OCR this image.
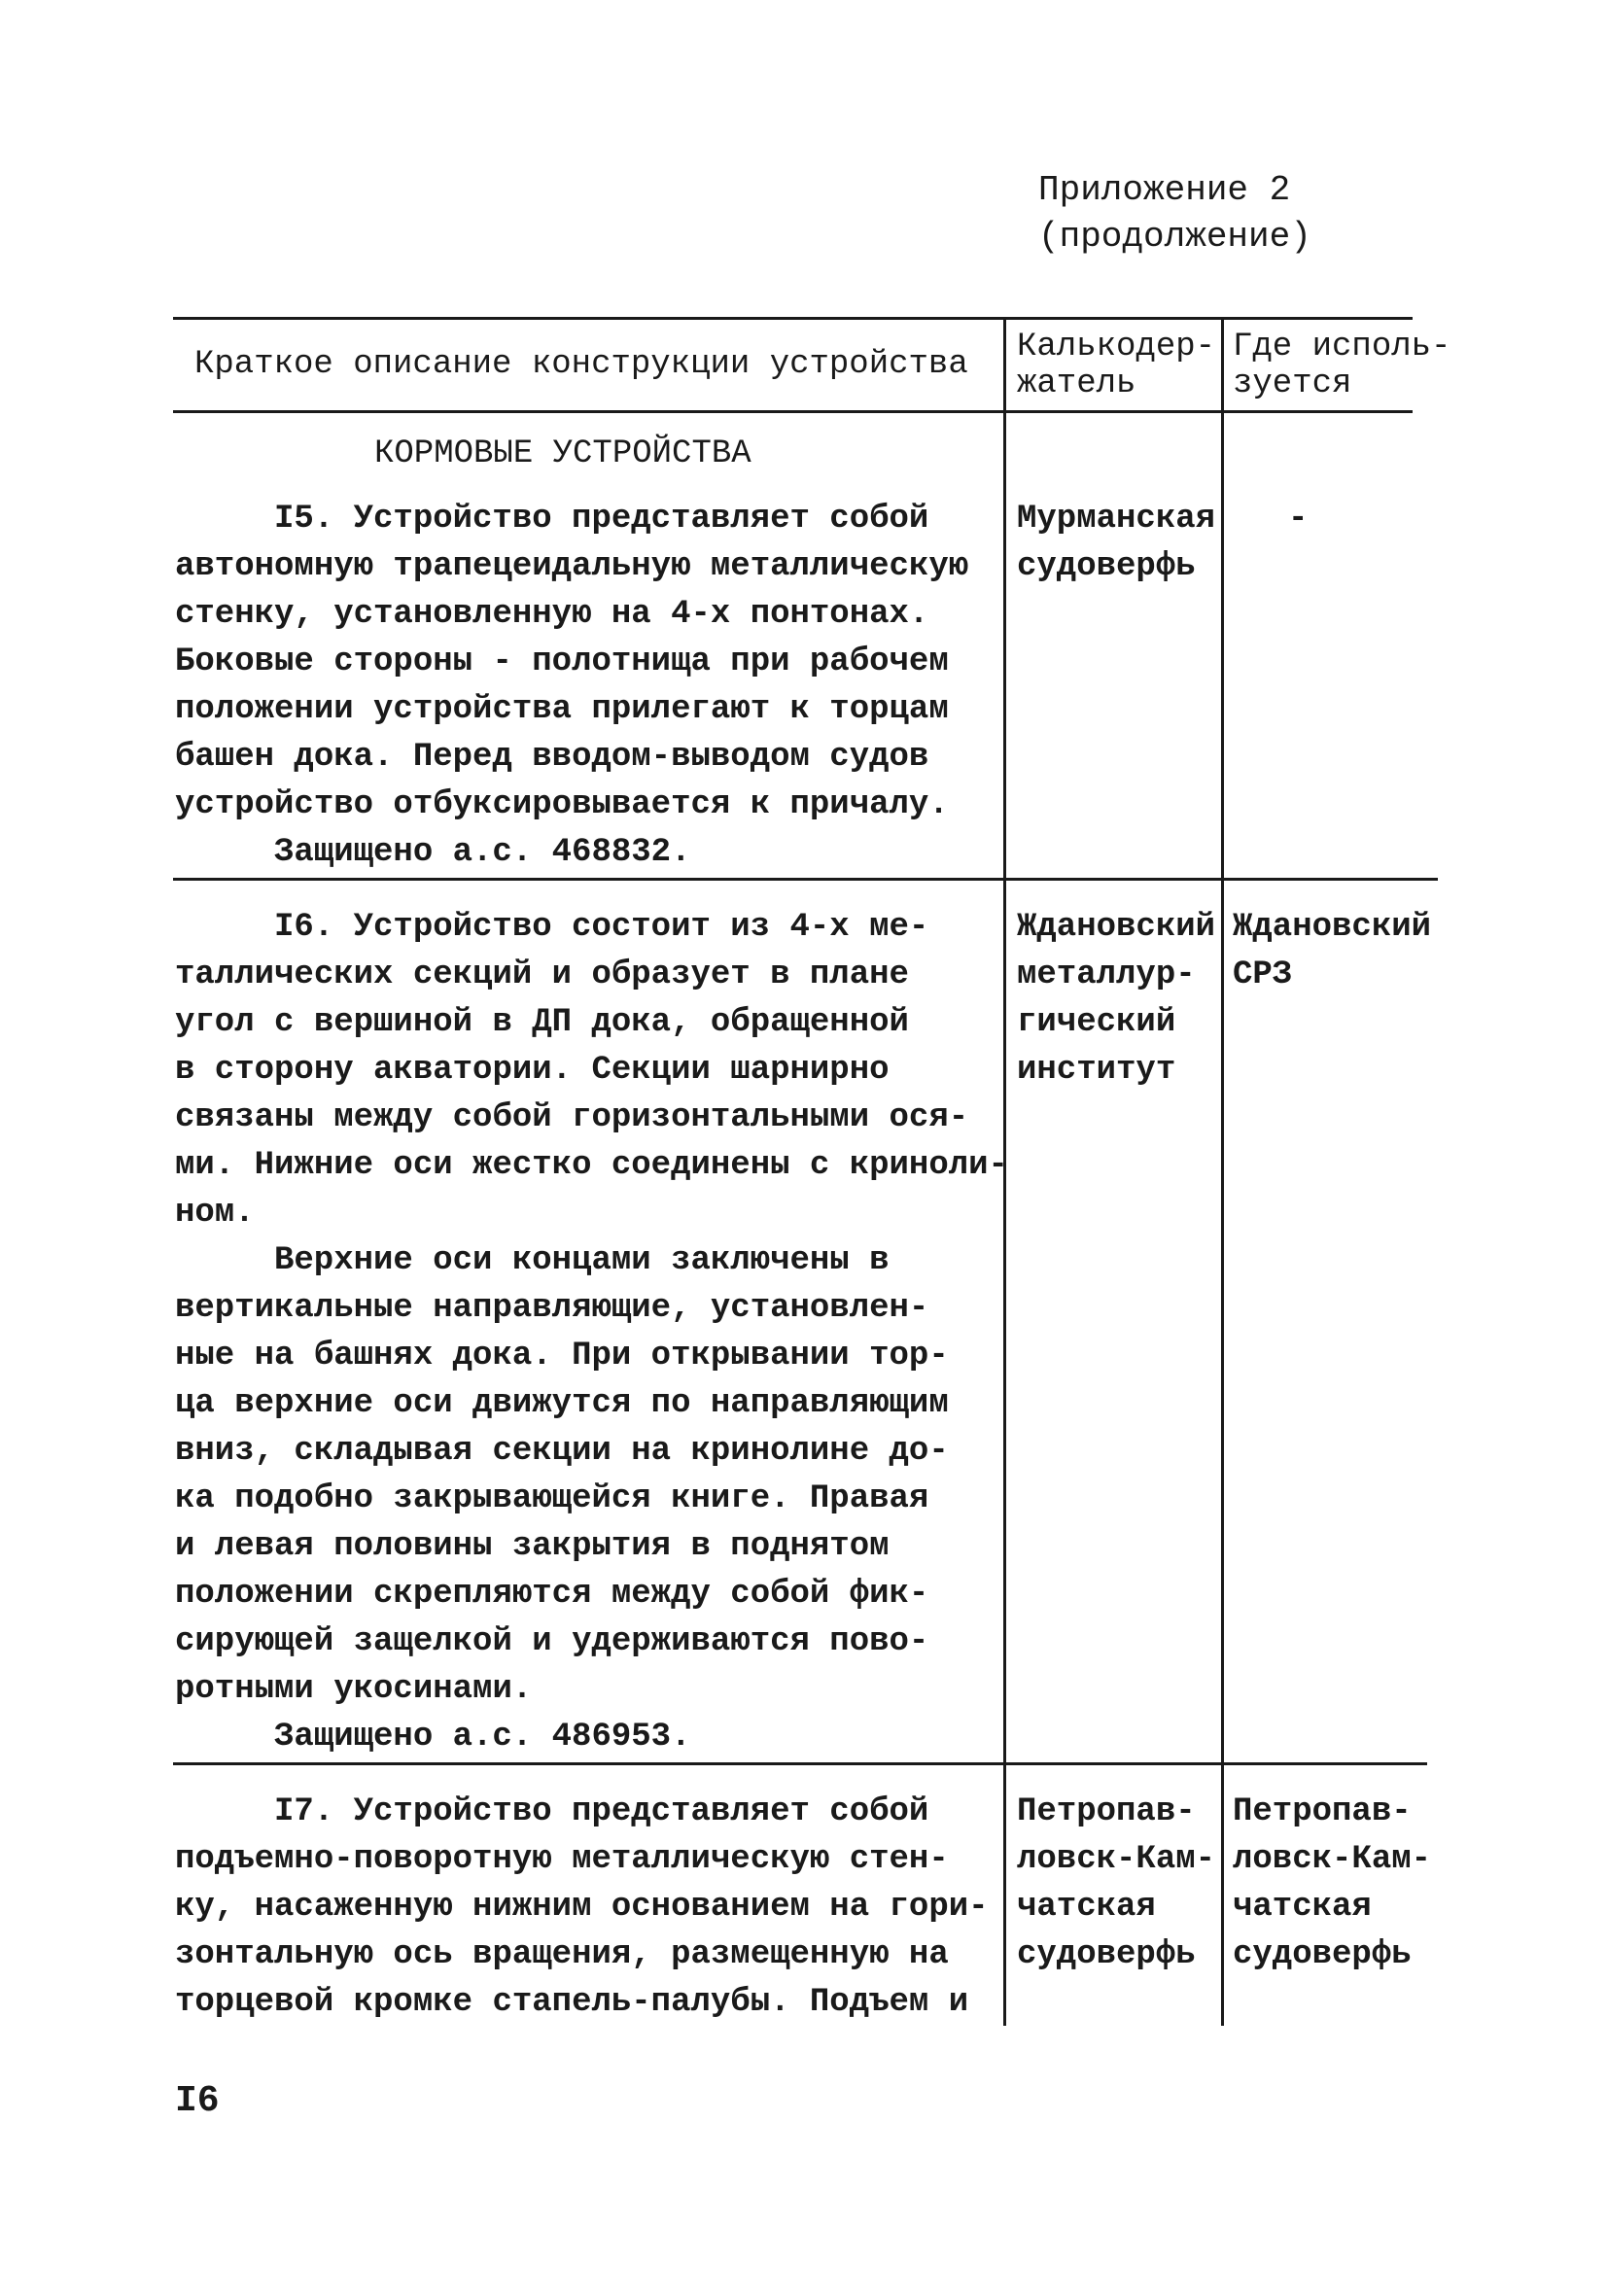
Приложение 2
(продолжение)
Краткое описание конструкции устройства Калькодер-
жатель
Где исполь-
зуется
КОРМОВЫЕ УСТРОЙСТВА
I5. Устройство представляет собой
автономную трапецеидальную металлическую
стенку, установленную на 4-х понтонах.
Боковые стороны - полотнища при рабочем
положении устройства прилегают к торцам
башен дока. Перед вводом-выводом судов
устройство отбуксировывается к причалу.
Защищено а.с. 468832.
Мурманская
судоверфь
-
I6. Устройство состоит из 4-х ме-
таллических секций и образует в плане
угол с вершиной в ДП дока, обращенной
в сторону акватории. Секции шарнирно
связаны между собой горизонтальными ося-
ми. Нижние оси жестко соединены с кринoли-
ном.
Верхние оси концами заключены в
вертикальные направляющие, установлен-
ные на башнях дока. При открывании тор-
ца верхние оси движутся по направляющим
вниз, складывая секции на кринолине до-
ка подобно закрывающейся книге. Правая
и левая половины закрытия в поднятом
положении скрепляются между собой фик-
сирующей защелкой и удерживаются пово-
ротными укосинами.
Защищено а.с. 486953.
Ждановский
металлур-
гический
институт
Ждановский
СРЗ
I7. Устройство представляет собой
подъемно-поворотную металлическую стен-
ку, насаженную нижним основанием на гори-
зонтальную ось вращения, размещенную на
торцевой кромке стапель-палубы. Подъем и
Петропав-
ловск-Кам-
чатская
судоверфь
Петропав-
ловск-Кам-
чатская
судоверфь
I6
